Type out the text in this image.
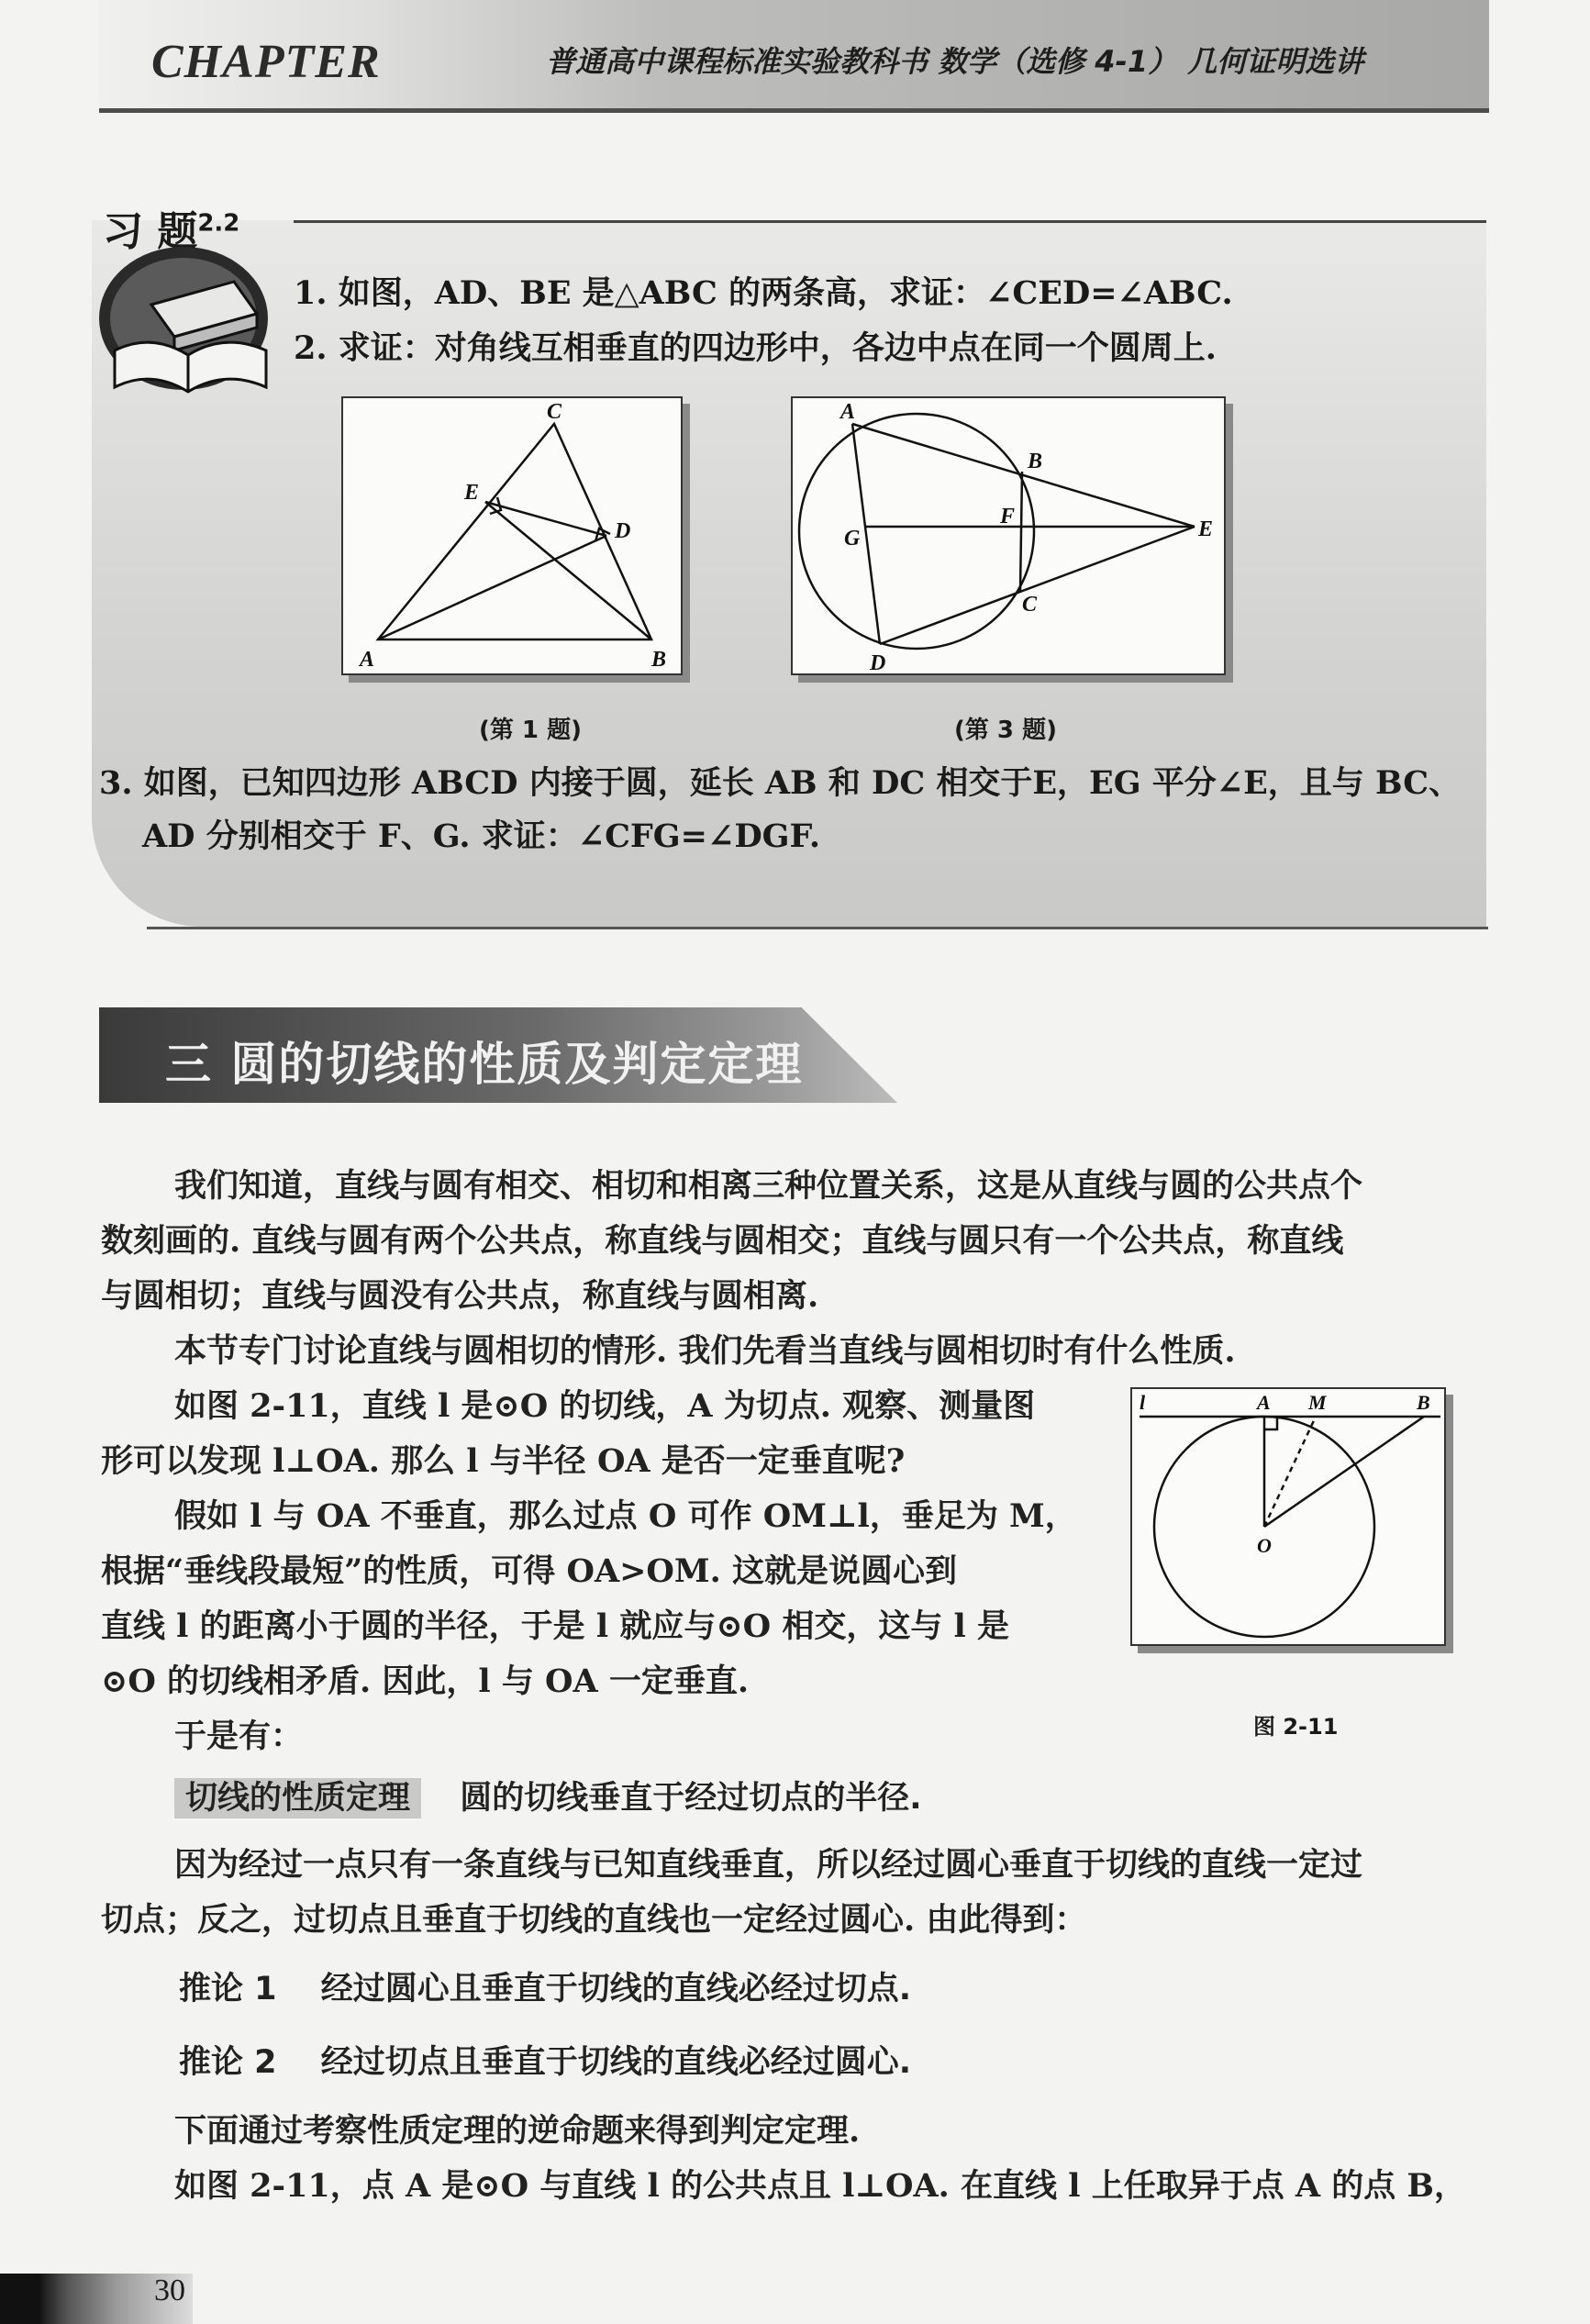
CHAPTER	普通高中课程标准实验教科书 数学（选修 4-1） 几何证明选讲
习 题$^{2.2}$
1. 如图，AD、BE 是△ABC 的两条高，求证：∠CED=∠ABC.
2. 求证：对角线互相垂直的四边形中，各边中点在同一个圆周上.
A	B
C
D
E
(第 1 题)
A
B
C
D
E
F
G
(第 3 题)
3. 如图，已知四边形 ABCD 内接于圆，延长 AB 和 DC 相交于E，EG 平分∠E，且与 BC、
AD 分别相交于 F、G. 求证：∠CFG=∠DGF.
三 圆的切线的性质及判定定理
我们知道，直线与圆有相交、相切和相离三种位置关系，这是从直线与圆的公共点个
数刻画的. 直线与圆有两个公共点，称直线与圆相交；直线与圆只有一个公共点，称直线
与圆相切；直线与圆没有公共点，称直线与圆相离.
本节专门讨论直线与圆相切的情形. 我们先看当直线与圆相切时有什么性质.
如图 2-11，直线 l 是⊙O 的切线，A 为切点. 观察、测量图
形可以发现 l⊥OA. 那么 l 与半径 OA 是否一定垂直呢?
假如 l 与 OA 不垂直，那么过点 O 可作 OM⊥l，垂足为 M，
根据“垂线段最短”的性质，可得 OA>OM. 这就是说圆心到
直线 l 的距离小于圆的半径，于是 l 就应与⊙O 相交，这与 l 是
⊙O 的切线相矛盾. 因此，l 与 OA 一定垂直.
于是有：
l	A M	B
O
图 2-11
切线的性质定理 圆的切线垂直于经过切点的半径.
因为经过一点只有一条直线与已知直线垂直，所以经过圆心垂直于切线的直线一定过
切点；反之，过切点且垂直于切线的直线也一定经过圆心. 由此得到：
推论 1 经过圆心且垂直于切线的直线必经过切点.
推论 2 经过切点且垂直于切线的直线必经过圆心.
下面通过考察性质定理的逆命题来得到判定定理.
如图 2-11，点 A 是⊙O 与直线 l 的公共点且 l⊥OA. 在直线 l 上任取异于点 A 的点 B，
30
